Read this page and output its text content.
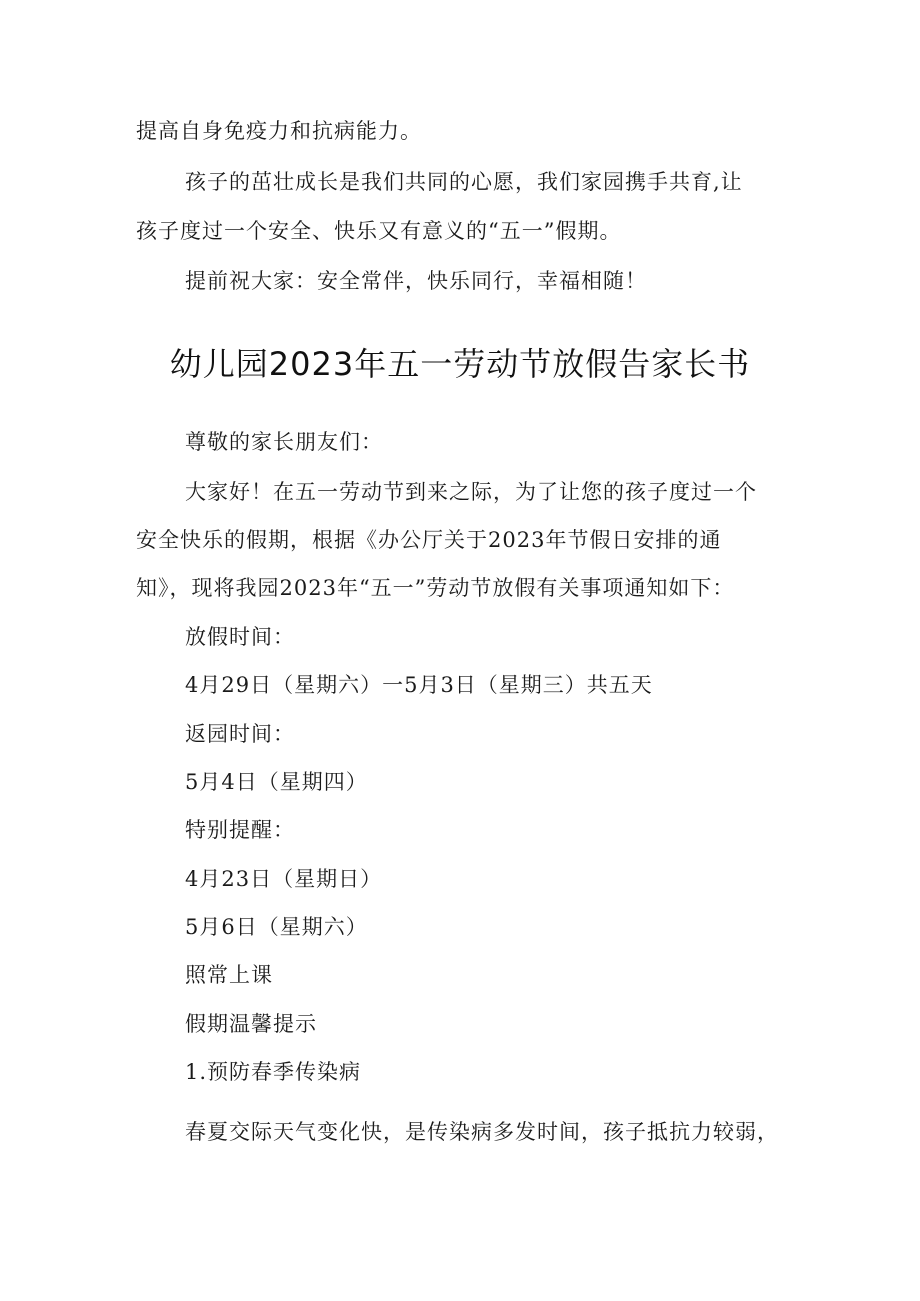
提高自身免疫力和抗病能力。
孩子的茁壮成长是我们共同的心愿，我们家园携手共育,让
孩子度过一个安全、快乐又有意义的“五一”假期。
提前祝大家：安全常伴，快乐同行，幸福相随！
幼儿园2023年五一劳动节放假告家长书
尊敬的家长朋友们：
大家好！在五一劳动节到来之际，为了让您的孩子度过一个
安全快乐的假期，根据《办公厅关于2023年节假日安排的通
知》，现将我园2023年“五一”劳动节放假有关事项通知如下：
放假时间：
4月29日（星期六）一5月3日（星期三）共五天
返园时间：
5月4日（星期四）
特别提醒：
4月23日（星期日）
5月6日（星期六）
照常上课
假期温馨提示
1.预防春季传染病
春夏交际天气变化快，是传染病多发时间，孩子抵抗力较弱，
